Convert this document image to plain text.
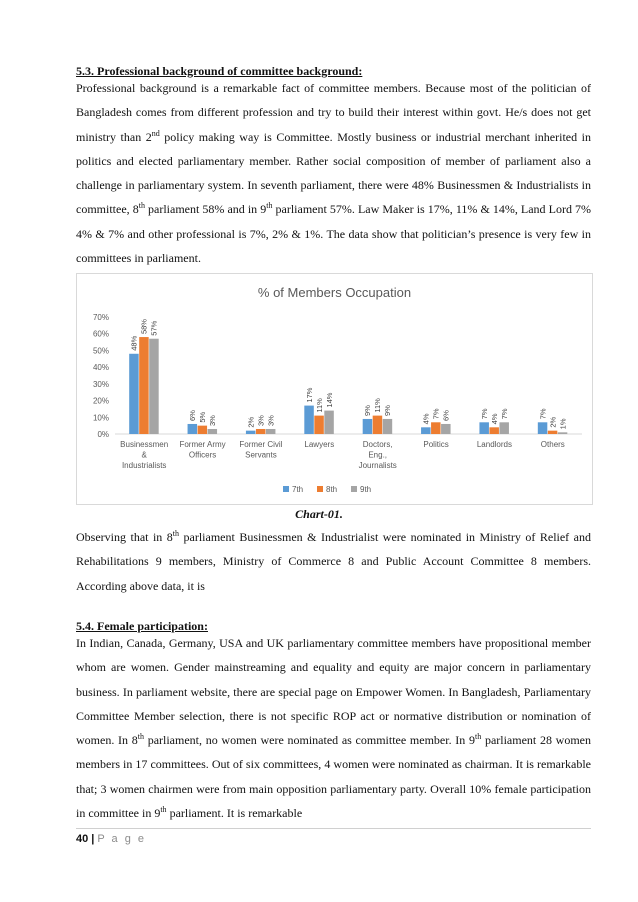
5.3. Professional background of committee background:
Professional background is a remarkable fact of committee members. Because most of the politician of Bangladesh comes from different profession and try to build their interest within govt. He/s does not get ministry than 2nd policy making way is Committee. Mostly business or industrial merchant inherited in politics and elected parliamentary member. Rather social composition of member of parliament also a challenge in parliamentary system. In seventh parliament, there were 48% Businessmen & Industrialists in committee, 8th parliament 58% and in 9th parliament 57%. Law Maker is 17%, 11% & 14%, Land Lord 7% 4% & 7% and other professional is 7%, 2% & 1%. The data show that politician’s presence is very few in committees in parliament.
% of Members Occupation
0%
10%
20%
30%
40%
50%
60%
70%
48%
58% 57%
Businessmen & Industrialists
6% 5% 3%
Former Army Officers
2% 3% 3%
Former Civil Servants
17%
11% 14%
Lawyers
9% 11% 9%
Doctors, Eng., Journalists
4% 7% 6%
Politics
7% 4% 7%
Landlords
7%
2% 1%
Others
7th	8th	9th
Chart-01.
Observing that in 8th parliament Businessmen & Industrialist were nominated in Ministry of Relief and Rehabilitations 9 members, Ministry of Commerce 8 and Public Account Committee 8 members. According above data, it is
5.4. Female participation:
In Indian, Canada, Germany, USA and UK parliamentary committee members have propositional member whom are women. Gender mainstreaming and equality and equity are major concern in parliamentary business. In parliament website, there are special page on Empower Women. In Bangladesh, Parliamentary Committee Member selection, there is not specific ROP act or normative distribution or nomination of women. In 8th parliament, no women were nominated as committee member. In 9th parliament 28 women members in 17 committees. Out of six committees, 4 women were nominated as chairman. It is remarkable that; 3 women chairmen were from main opposition parliamentary party. Overall 10% female participation in committee in 9th parliament. It is remarkable
40 | P a g e
